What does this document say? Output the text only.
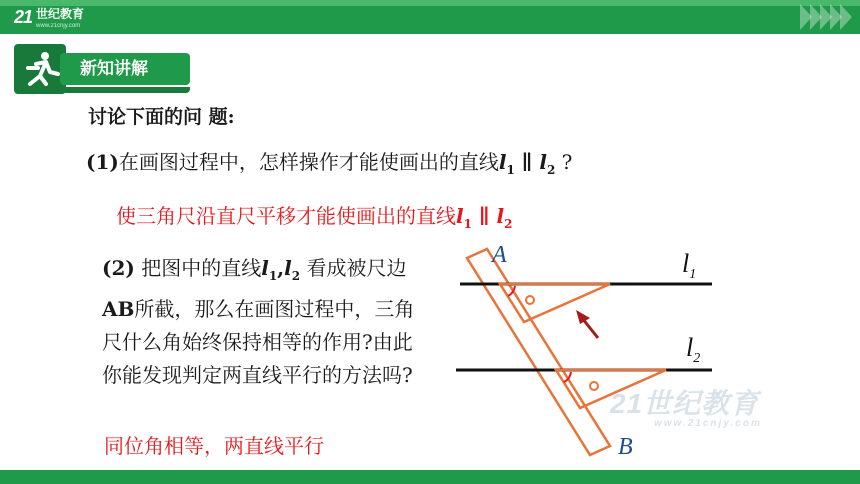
21 世纪教育
www.21cnjy.com
新知讲解
讨论下面的问 题:
(1)在画图过程中，怎样操作才能使画出的直线$l_1$ ∥ $l_2$ ?
使三角尺沿直尺平移才能使画出的直线$l_1$ ∥ $l_2$
(2) 把图中的直线$l_1,l_2$ 看成被尺边AB所截，那么在画图过程中，三角尺什么角始终保持相等的作用?由此你能发现判定两直线平行的方法吗?
同位角相等，两直线平行
A
B
$l_1$
$l_2$
21世纪教育
www.21cnjy.com
